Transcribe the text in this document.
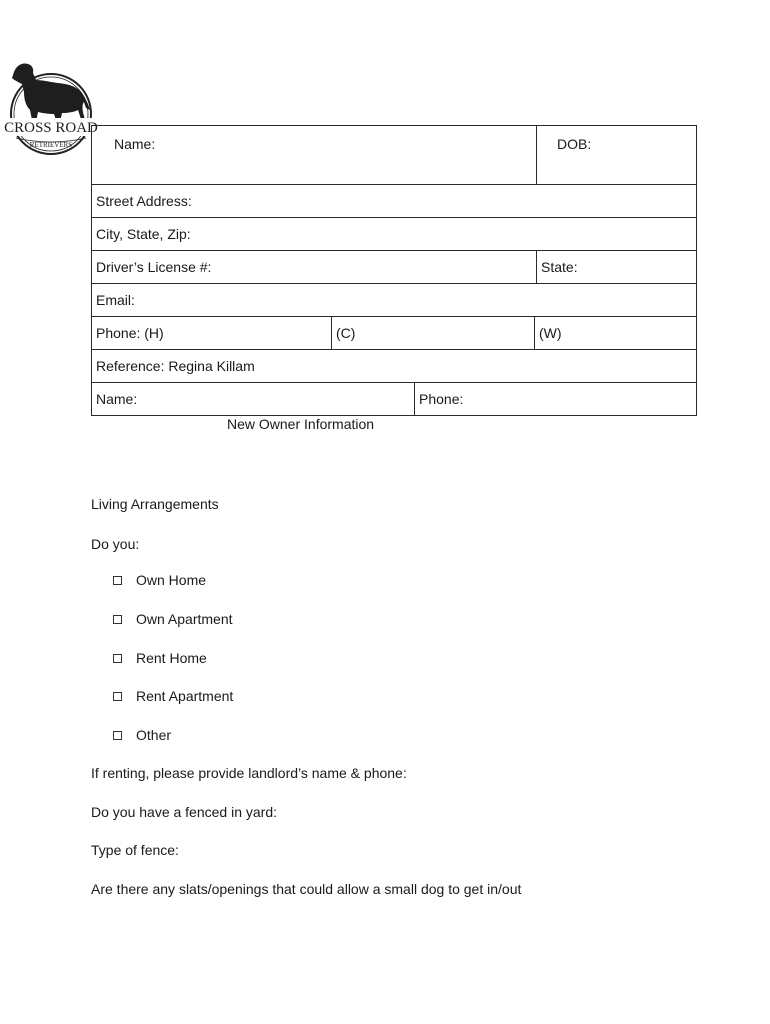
CROSS ROAD
RETRIEVERS	Name:				DOB:
Street Address:				
City, State, Zip:				
Driver’s License #:				State:
Email:				
Phone: (H)	(C)		(W)	
Reference: Regina Killam				
Name:		Phone:		
New Owner Information
Living Arrangements
Do you:
Own Home
Own Apartment
Rent Home
Rent Apartment
Other
If renting, please provide landlord’s name & phone:
Do you have a fenced in yard:
Type of fence:
Are there any slats/openings that could allow a small dog to get in/out
